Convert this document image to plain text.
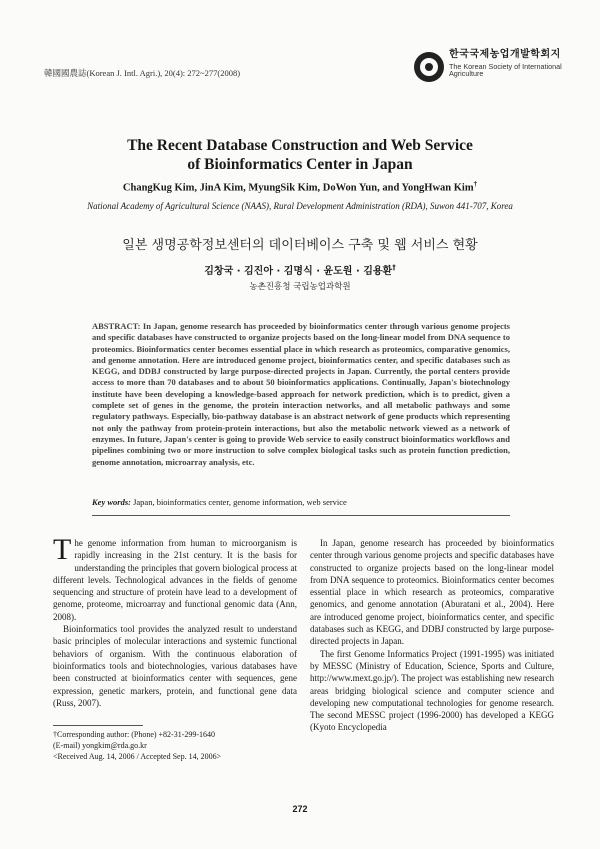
韓國國農誌(Korean J. Intl. Agri.), 20(4): 272~277(2008)
한국국제농업개발학회지
The Korean Society of International
Agriculture
The Recent Database Construction and Web Service
of Bioinformatics Center in Japan
ChangKug Kim, JinA Kim, MyungSik Kim, DoWon Yun, and YongHwan Kim†
National Academy of Agricultural Science (NAAS), Rural Development Administration (RDA), Suwon 441-707, Korea
일본 생명공학정보센터의 데이터베이스 구축 및 웹 서비스 현황
김창국 · 김진아 · 김명식 · 윤도원 · 김용환†
농촌진흥청 국립농업과학원
ABSTRACT: In Japan, genome research has proceeded by bioinformatics center through various genome projects and specific databases have constructed to organize projects based on the long-linear model from DNA sequence to proteomics. Bioinformatics center becomes essential place in which research as proteomics, comparative genomics, and genome annotation. Here are introduced genome project, bioinformatics center, and specific databases such as KEGG, and DDBJ constructed by large purpose-directed projects in Japan. Currently, the portal centers provide access to more than 70 databases and to about 50 bioinformatics applications. Continually, Japan's biotechnology institute have been developing a knowledge-based approach for network prediction, which is to predict, given a complete set of genes in the genome, the protein interaction networks, and all metabolic pathways and some regulatory pathways. Especially, bio-pathway database is an abstract network of gene products which representing not only the pathway from protein-protein interactions, but also the metabolic network viewed as a network of enzymes. In future, Japan's center is going to provide Web service to easily construct bioinformatics workflows and pipelines combining two or more instruction to solve complex biological tasks such as protein function prediction, genome annotation, microarray analysis, etc.
Key words: Japan, bioinformatics center, genome information, web service

The genome information from human to microorganism is rapidly increasing in the 21st century. It is the basis for understanding the principles that govern biological process at different levels. Technological advances in the fields of genome sequencing and structure of protein have lead to a development of genome, proteome, microarray and functional genomic data (Ann, 2008).

Bioinformatics tool provides the analyzed result to understand basic principles of molecular interactions and systemic functional behaviors of organism. With the continuous elaboration of bioinformatics tools and biotechnologies, various databases have been constructed at bioinformatics center with sequences, gene expression, genetic markers, protein, and functional gene data (Russ, 2007).

†Corresponding author: (Phone) +82-31-299-1640
(E-mail) yongkim@rda.go.kr
<Received Aug. 14, 2006 / Accepted Sep. 14, 2006>

In Japan, genome research has proceeded by bioinformatics center through various genome projects and specific databases have constructed to organize projects based on the long-linear model from DNA sequence to proteomics. Bioinformatics center becomes essential place in which research as proteomics, comparative genomics, and genome annotation (Aburatani et al., 2004). Here are introduced genome project, bioinformatics center, and specific databases such as KEGG, and DDBJ constructed by large purpose-directed projects in Japan.

The first Genome Informatics Project (1991-1995) was initiated by MESSC (Ministry of Education, Science, Sports and Culture, http://www.mext.go.jp/). The project was establishing new research areas bridging biological science and computer science and developing new computational technologies for genome research. The second MESSC project (1996-2000) has developed a KEGG (Kyoto Encyclopedia

272
